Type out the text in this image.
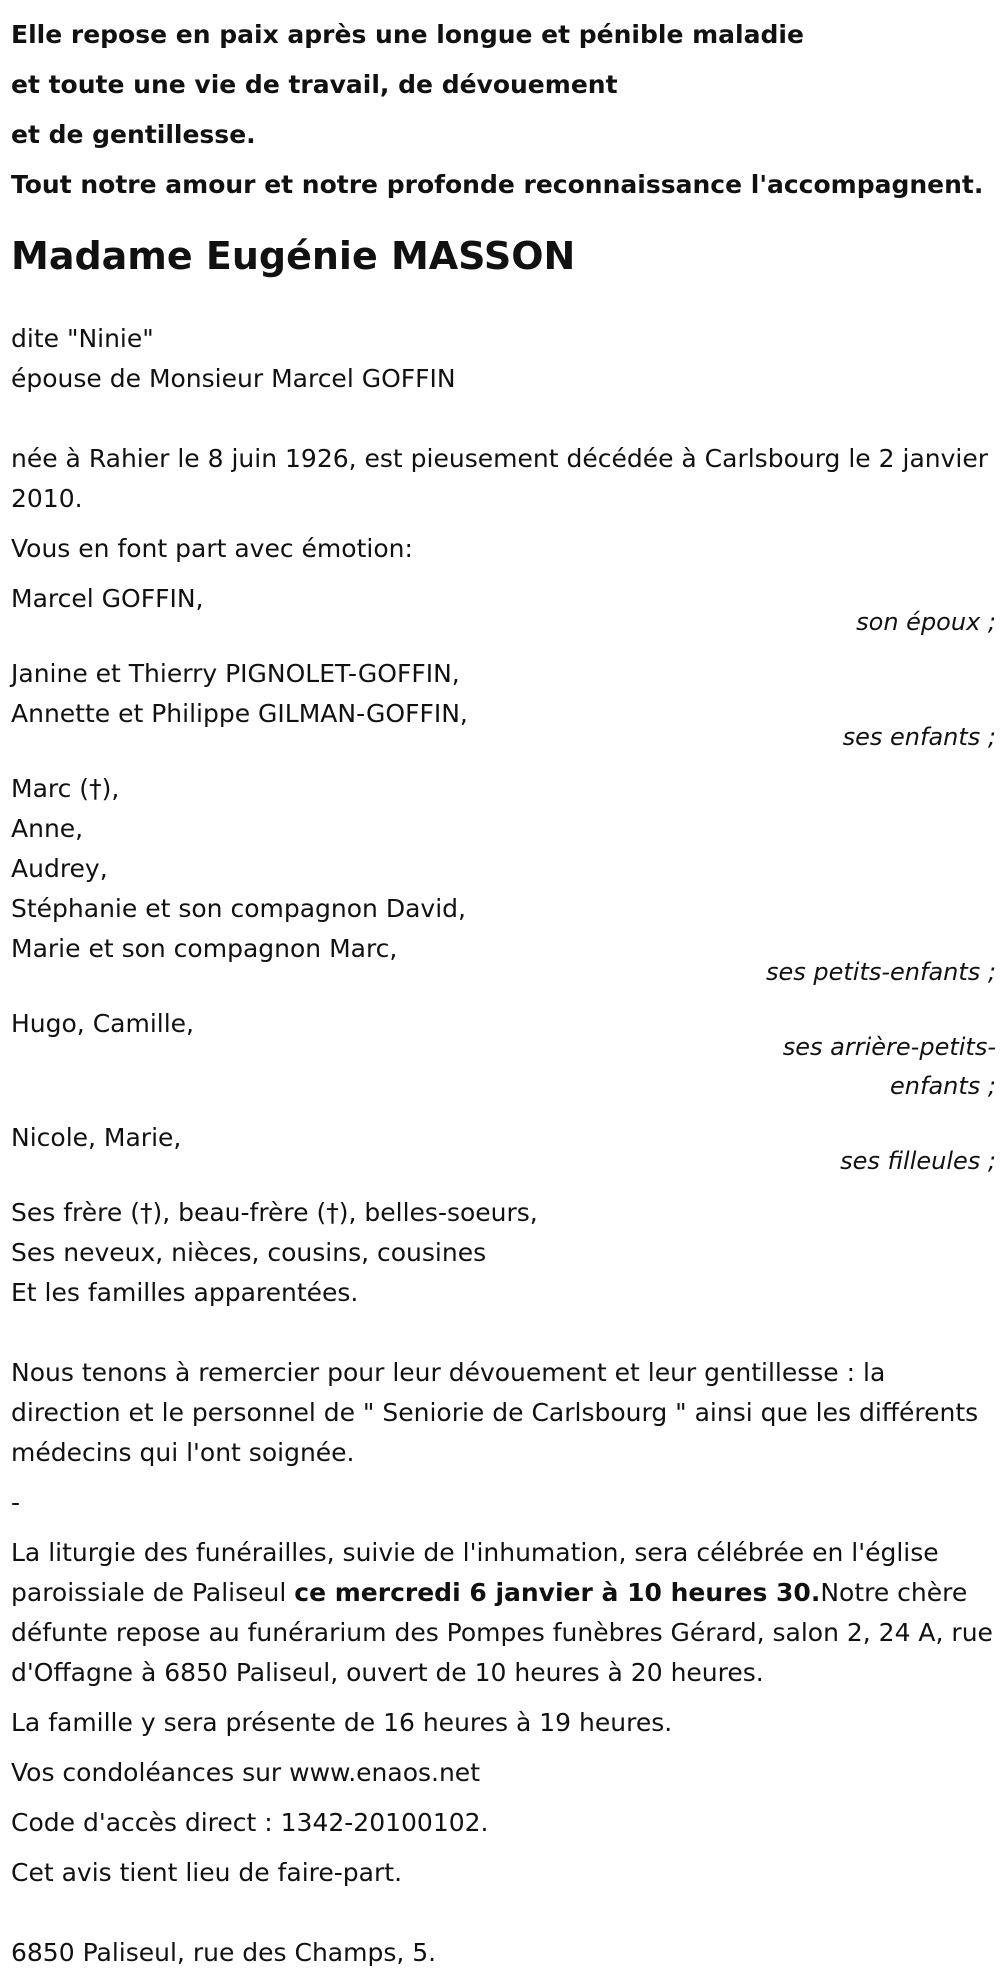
Elle repose en paix après une longue et pénible maladie
et toute une vie de travail, de dévouement
et de gentillesse.
Tout notre amour et notre profonde reconnaissance l'accompagnent.
Madame Eugénie MASSON
dite "Ninie"
épouse de Monsieur Marcel GOFFIN
née à Rahier le 8 juin 1926, est pieusement décédée à Carlsbourg le 2 janvier 2010.
Vous en font part avec émotion:
Marcel GOFFIN,
son époux ;
Janine et Thierry PIGNOLET-GOFFIN,
Annette et Philippe GILMAN-GOFFIN,
ses enfants ;
Marc (†),
Anne,
Audrey,
Stéphanie et son compagnon David,
Marie et son compagnon Marc,
ses petits-enfants ;
Hugo, Camille,
ses arrière-petits-
enfants ;
Nicole, Marie,
ses filleules ;
Ses frère (†), beau-frère (†), belles-soeurs,
Ses neveux, nièces, cousins, cousines
Et les familles apparentées.
Nous tenons à remercier pour leur dévouement et leur gentillesse : la direction et le personnel de " Seniorie de Carlsbourg " ainsi que les différents médecins qui l'ont soignée.
-
La liturgie des funérailles, suivie de l'inhumation, sera célébrée en l'église paroissiale de Paliseul ce mercredi 6 janvier à 10 heures 30.Notre chère défunte repose au funérarium des Pompes funèbres Gérard, salon 2, 24 A, rue d'Offagne à 6850 Paliseul, ouvert de 10 heures à 20 heures.
La famille y sera présente de 16 heures à 19 heures.
Vos condoléances sur www.enaos.net
Code d'accès direct : 1342-20100102.
Cet avis tient lieu de faire-part.
6850 Paliseul, rue des Champs, 5.
